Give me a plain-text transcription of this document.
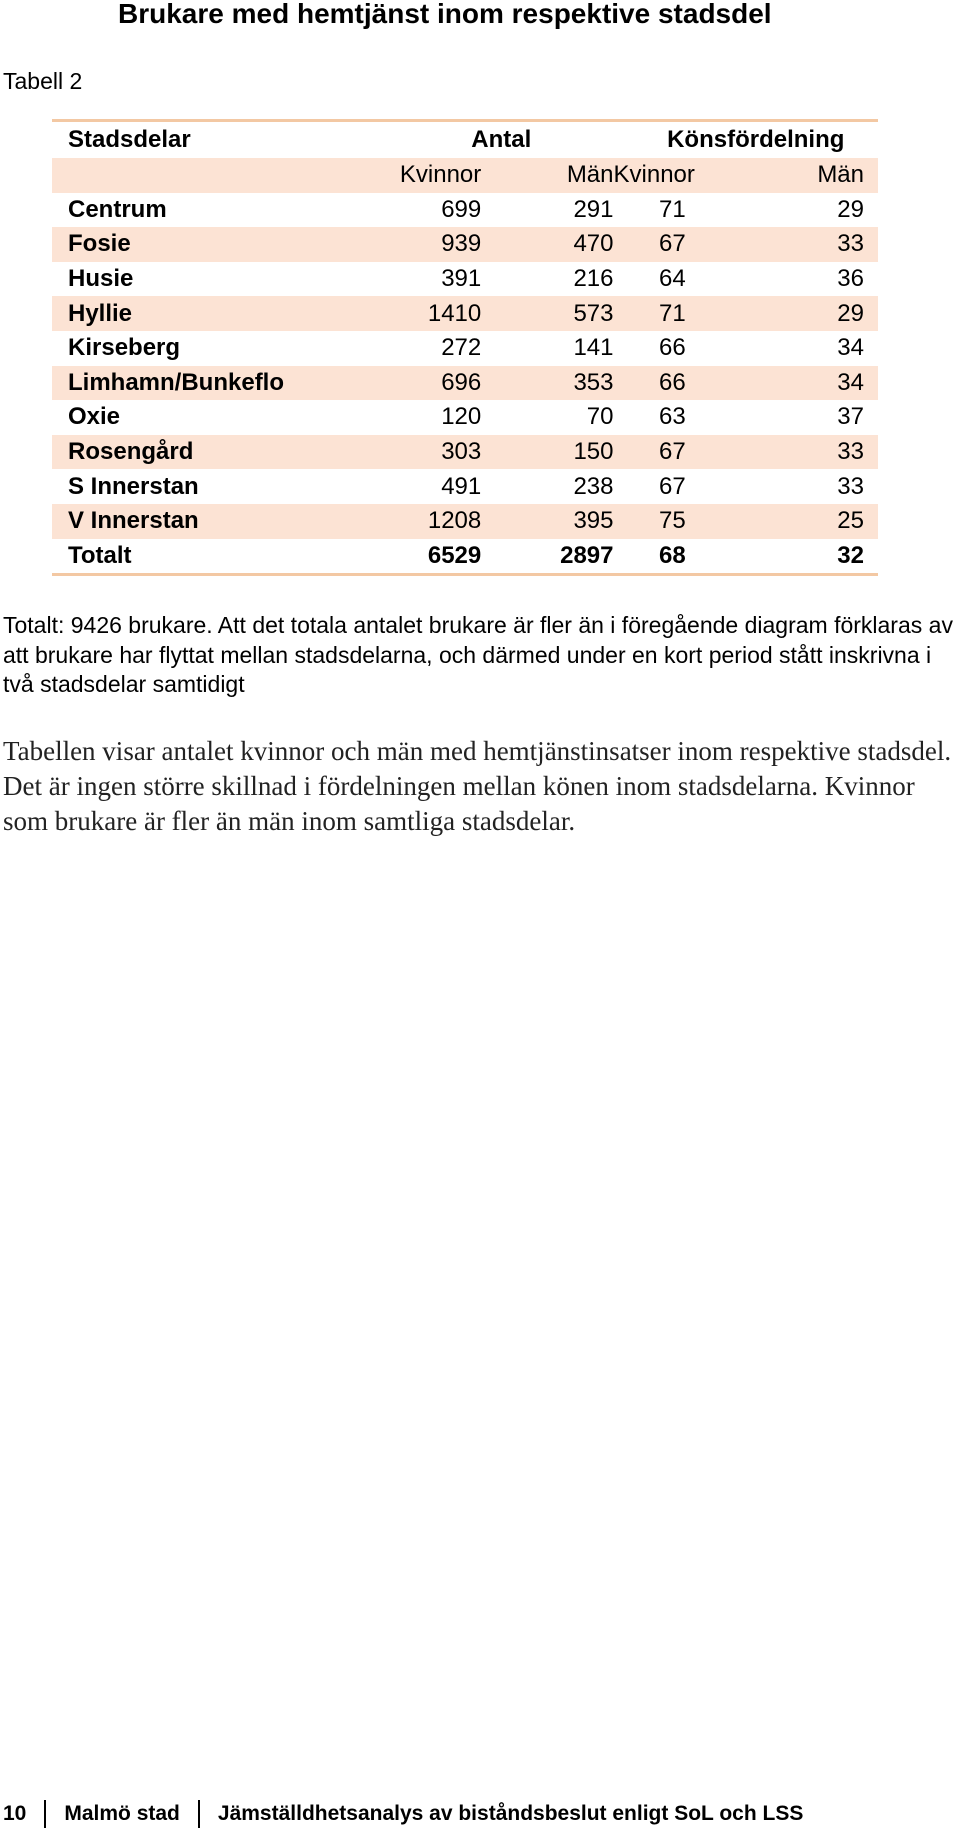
Brukare med hemtjänst inom respektive stadsdel
Tabell 2
Stadsdelar	Antal		Könsfördelning	
	Kvinnor	Män	Kvinnor	Män
Centrum	699	291	71	29
Fosie	939	470	67	33
Husie	391	216	64	36
Hyllie	1410	573	71	29
Kirseberg	272	141	66	34
Limhamn/Bunkeflo	696	353	66	34
Oxie	120	70	63	37
Rosengård	303	150	67	33
S Innerstan	491	238	67	33
V Innerstan	1208	395	75	25
Totalt	6529	2897	68	32
Totalt: 9426 brukare. Att det totala antalet brukare är fler än i föregående diagram förklaras av att brukare har flyttat mellan stadsdelarna, och därmed under en kort period stått inskrivna i två stadsdelar samtidigt
Tabellen visar antalet kvinnor och män med hemtjänstinsatser inom respektive stadsdel. Det är ingen större skillnad i fördelningen mellan könen inom stadsdelarna. Kvinnor som brukare är fler än män inom samtliga stadsdelar.
10 Malmö stad Jämställdhetsanalys av biståndsbeslut enligt SoL och LSS
